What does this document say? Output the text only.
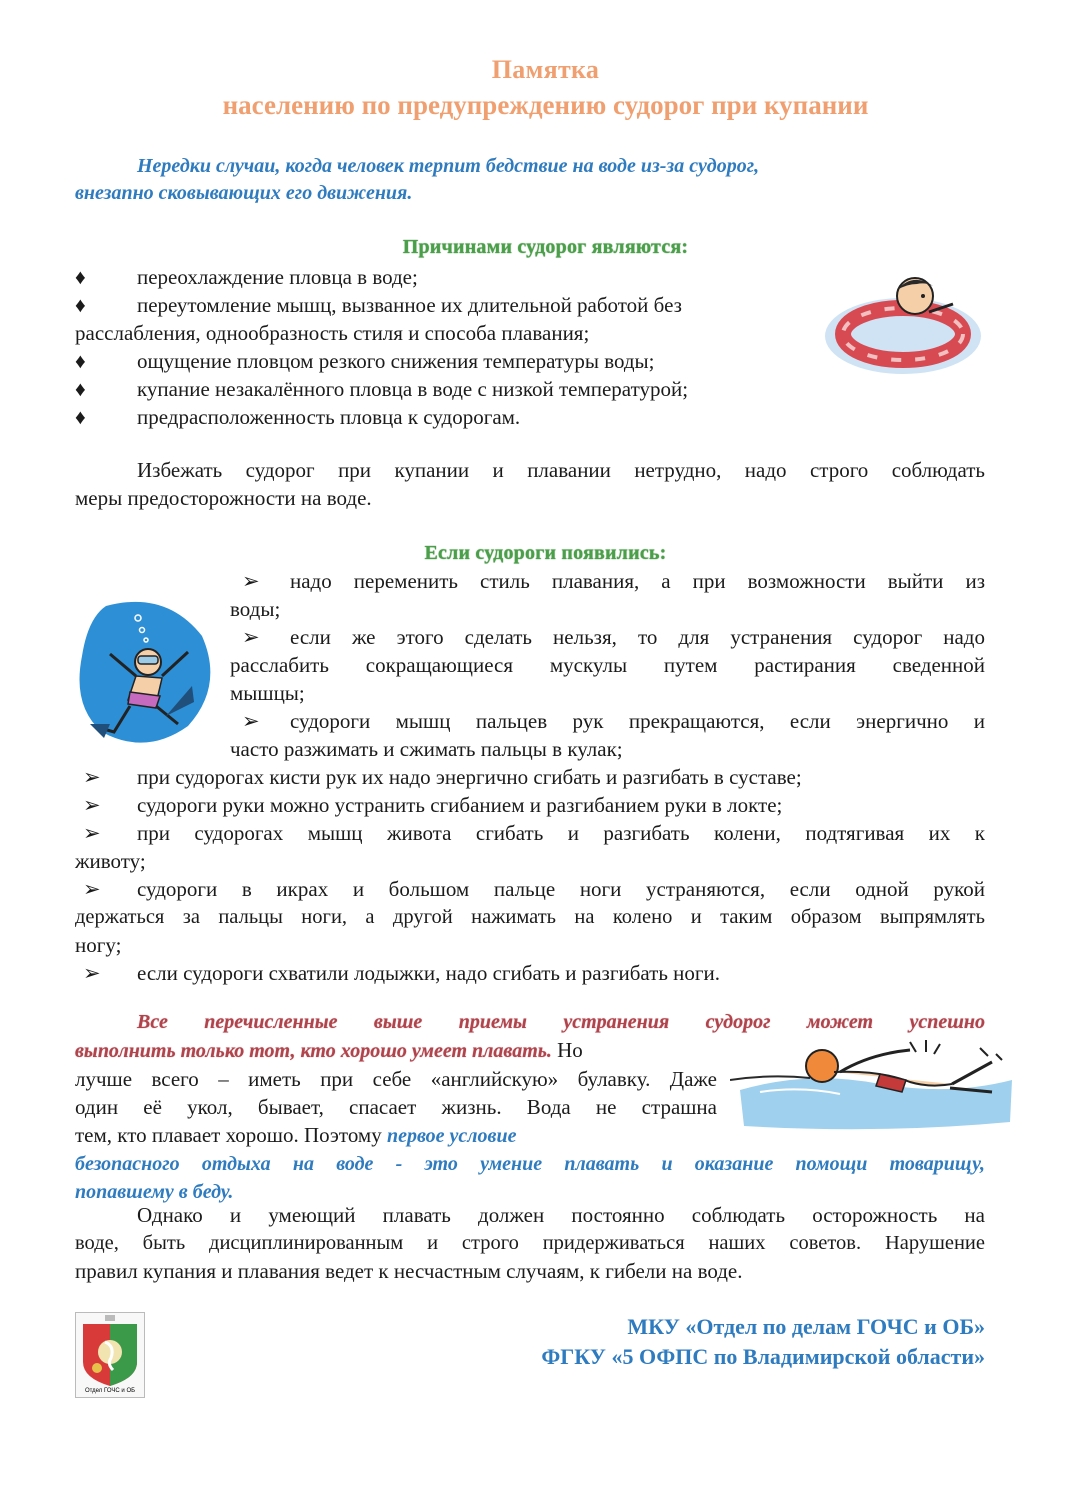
Памятка
населению по предупреждению судорог при купании
Нередки случаи, когда человек терпит бедствие на воде из-за судорог,
внезапно сковывающих его движения.
Причинами судорог являются:
♦ переохлаждение пловца в воде;
♦ переутомление мышц, вызванное их длительной работой без
расслабления, однообразность стиля и способа плавания;
♦ ощущение пловцом резкого снижения температуры воды;
♦ купание незакалённого пловца в воде с низкой температурой;
♦ предрасположенность пловца к судорогам.
Избежать судорог при купании и плавании нетрудно, надо строго соблюдать
меры предосторожности на воде.
Если судороги появились:
➢ надо переменить стиль плавания, а при возможности выйти из
воды;
➢ если же этого сделать нельзя, то для устранения судорог надо
расслабить сокращающиеся мускулы путем растирания сведенной
мышцы;
➢ судороги мышц пальцев рук прекращаются, если энергично и
часто разжимать и сжимать пальцы в кулак;
➢ при судорогах кисти рук их надо энергично сгибать и разгибать в суставе;
➢ судороги руки можно устранить сгибанием и разгибанием руки в локте;
➢ при судорогах мышц живота сгибать и разгибать колени, подтягивая их к
животу;
➢ судороги в икрах и большом пальце ноги устраняются, если одной рукой
держаться за пальцы ноги, а другой нажимать на колено и таким образом выпрямлять
ногу;
➢ если судороги схватили лодыжки, надо сгибать и разгибать ноги.
Все перечисленные выше приемы устранения судорог может успешно
выполнить только тот, кто хорошо умеет плавать. Но
лучше всего – иметь при себе «английскую» булавку. Даже
один её укол, бывает, спасает жизнь. Вода не страшна
тем, кто плавает хорошо. Поэтому первое условие
безопасного отдыха на воде - это умение плавать и оказание помощи товарищу,
попавшему в беду.
Однако и умеющий плавать должен постоянно соблюдать осторожность на
воде, быть дисциплинированным и строго придерживаться наших советов. Нарушение
правил купания и плавания ведет к несчастным случаям, к гибели на воде.
Отдел ГОЧС и ОБ
МКУ «Отдел по делам ГОЧС и ОБ»
ФГКУ «5 ОФПС по Владимирской области»
